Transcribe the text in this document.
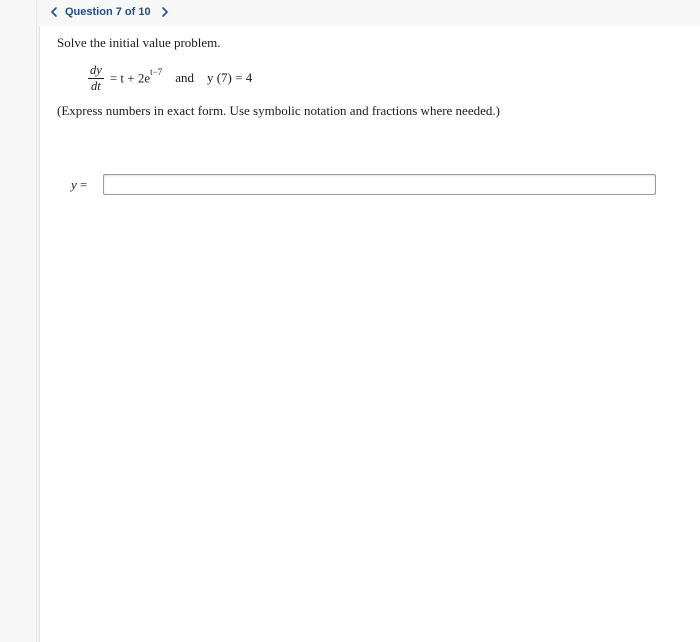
Question 7 of 10
Solve the initial value problem.
$\frac{dy}{dt} = t + 2e^{t-7}$ and y (7) = 4
(Express numbers in exact form. Use symbolic notation and fractions where needed.)
y =
